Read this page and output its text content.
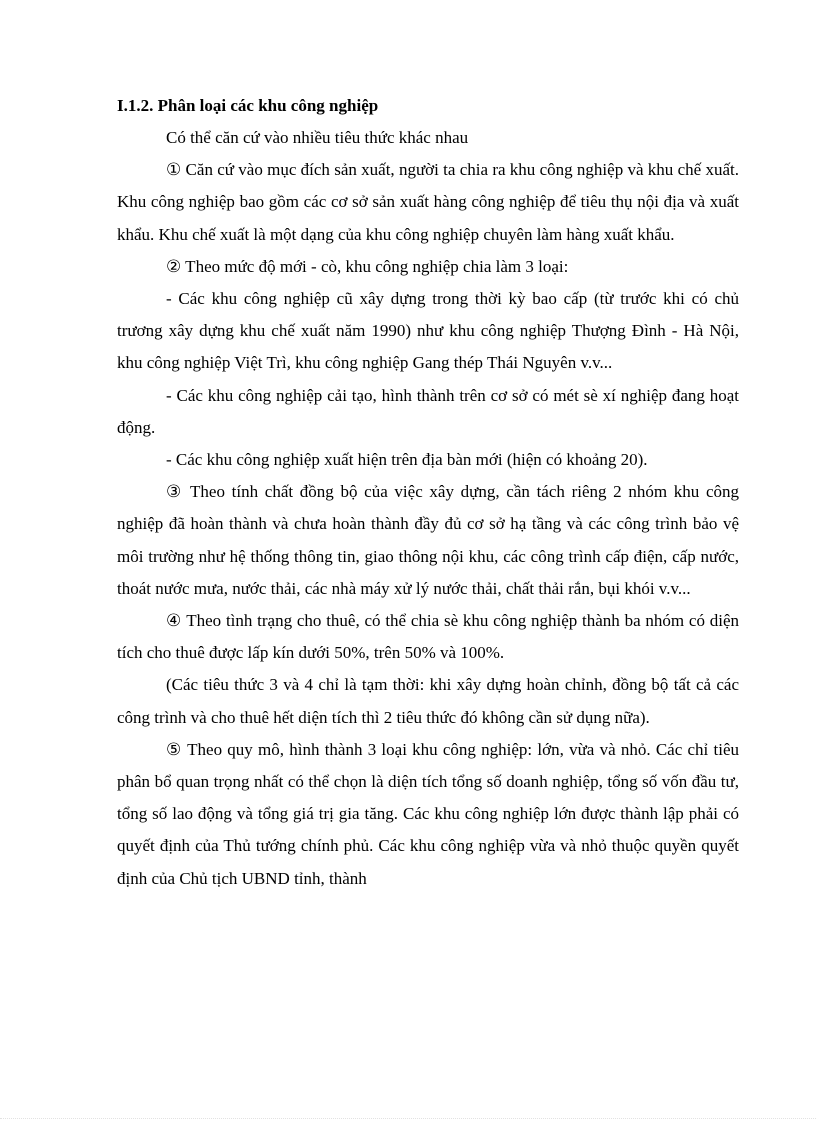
I.1.2. Phân loại các khu công nghiệp

Có thể căn cứ vào nhiều tiêu thức khác nhau

① Căn cứ vào mục đích sản xuất, người ta chia ra khu công nghiệp và khu chế xuất. Khu công nghiệp bao gồm các cơ sở sản xuất hàng công nghiệp để tiêu thụ nội địa và xuất khẩu. Khu chế xuất là một dạng của khu công nghiệp chuyên làm hàng xuất khẩu.

② Theo mức độ mới - cò, khu công nghiệp chia làm 3 loại:

- Các khu công nghiệp cũ xây dựng trong thời kỳ bao cấp (từ trước khi có chủ trương xây dựng khu chế xuất năm 1990) như khu công nghiệp Thượng Đình - Hà Nội, khu công nghiệp Việt Trì, khu công nghiệp Gang thép Thái Nguyên v.v...

- Các khu công nghiệp cải tạo, hình thành trên cơ sở có mét sè xí nghiệp đang hoạt động.

- Các khu công nghiệp xuất hiện trên địa bàn mới (hiện có khoảng 20).

③ Theo tính chất đồng bộ của việc xây dựng, cần tách riêng 2 nhóm khu công nghiệp đã hoàn thành và chưa hoàn thành đầy đủ cơ sở hạ tầng và các công trình bảo vệ môi trường như hệ thống thông tin, giao thông nội khu, các công trình cấp điện, cấp nước, thoát nước mưa, nước thải, các nhà máy xử lý nước thải, chất thải rắn, bụi khói v.v...

④ Theo tình trạng cho thuê, có thể chia sè khu công nghiệp thành ba nhóm có diện tích cho thuê được lấp kín dưới 50%, trên 50% và 100%.

(Các tiêu thức 3 và 4 chỉ là tạm thời: khi xây dựng hoàn chỉnh, đồng bộ tất cả các công trình và cho thuê hết diện tích thì 2 tiêu thức đó không cần sử dụng nữa).

⑤ Theo quy mô, hình thành 3 loại khu công nghiệp: lớn, vừa và nhỏ. Các chỉ tiêu phân bổ quan trọng nhất có thể chọn là diện tích tổng số doanh nghiệp, tổng số vốn đầu tư, tổng số lao động và tổng giá trị gia tăng. Các khu công nghiệp lớn được thành lập phải có quyết định của Thủ tướng chính phủ. Các khu công nghiệp vừa và nhỏ thuộc quyền quyết định của Chủ tịch UBND tỉnh, thành
